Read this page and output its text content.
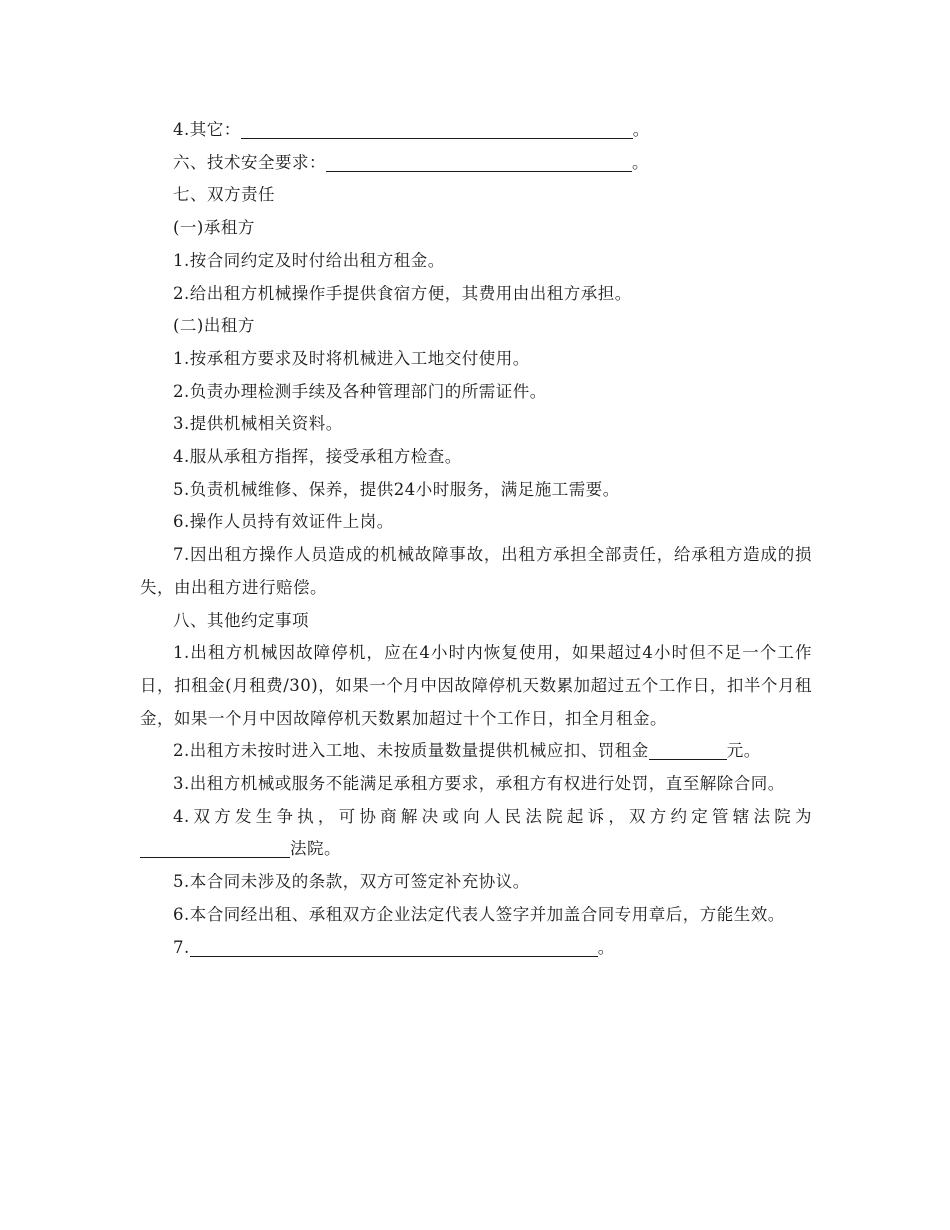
4.其它：	。

六、技术安全要求：	。

七、双方责任

(一)承租方

1.按合同约定及时付给出租方租金。

2.给出租方机械操作手提供食宿方便，其费用由出租方承担。

(二)出租方

1.按承租方要求及时将机械进入工地交付使用。

2.负责办理检测手续及各种管理部门的所需证件。

3.提供机械相关资料。

4.服从承租方指挥，接受承租方检查。

5.负责机械维修、保养，提供24小时服务，满足施工需要。

6.操作人员持有效证件上岗。

7.因出租方操作人员造成的机械故障事故，出租方承担全部责任，给承租方造成的损失，由出租方进行赔偿。

八、其他约定事项

1.出租方机械因故障停机，应在4小时内恢复使用，如果超过4小时但不足一个工作日，扣租金(月租费/30)，如果一个月中因故障停机天数累加超过五个工作日，扣半个月租金，如果一个月中因故障停机天数累加超过十个工作日，扣全月租金。

2.出租方未按时进入工地、未按质量数量提供机械应扣、罚租金	元。

3.出租方机械或服务不能满足承租方要求，承租方有权进行处罚，直至解除合同。

4.双方发生争执，可协商解决或向人民法院起诉，双方约定管辖法院为法院。

5.本合同未涉及的条款，双方可签定补充协议。

6.本合同经出租、承租双方企业法定代表人签字并加盖合同专用章后，方能生效。

7.	。
